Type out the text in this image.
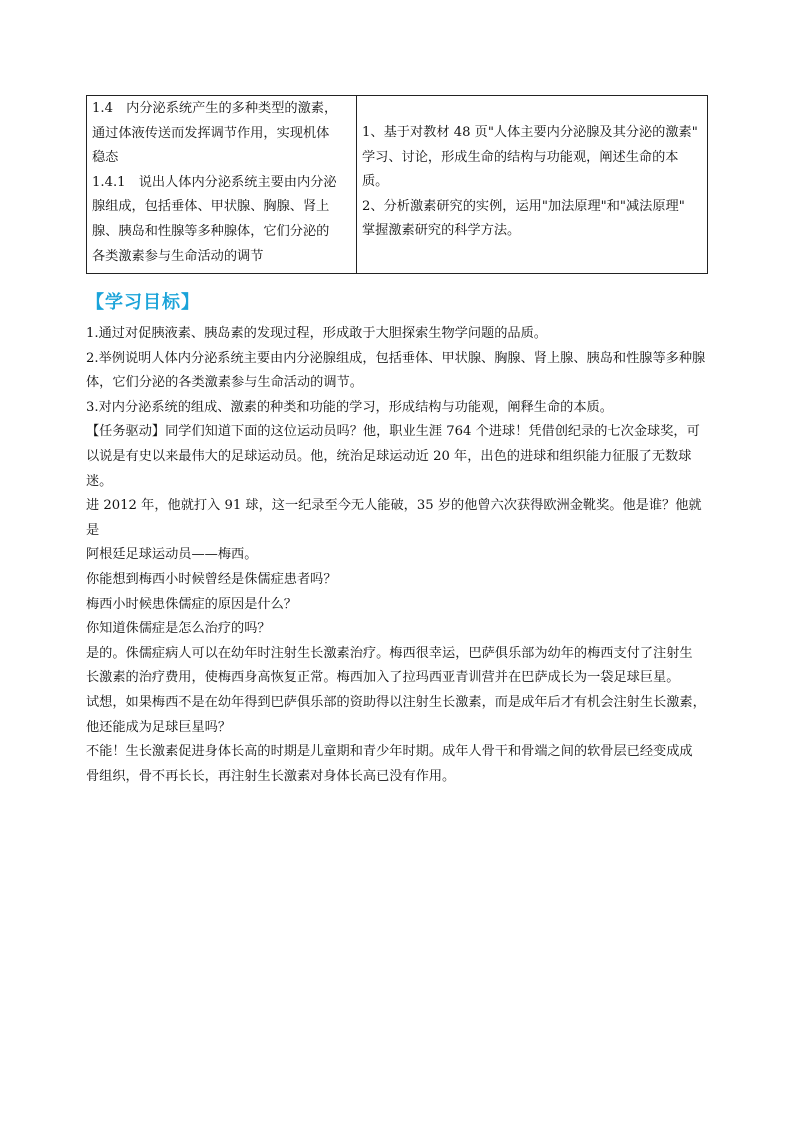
1.4　内分泌系统产生的多种类型的激素，
通过体液传送而发挥调节作用，实现机体
稳态
1.4.1　说出人体内分泌系统主要由内分泌
腺组成，包括垂体、甲状腺、胸腺、肾上
腺、胰岛和性腺等多种腺体，它们分泌的
各类激素参与生命活动的调节

1、基于对教材 48 页"人体主要内分泌腺及其分泌的激素"
学习、讨论，形成生命的结构与功能观，阐述生命的本
质。
2、分析激素研究的实例，运用"加法原理"和"减法原理"
掌握激素研究的科学方法。
【学习目标】
1.通过对促胰液素、胰岛素的发现过程，形成敢于大胆探索生物学问题的品质。
2.举例说明人体内分泌系统主要由内分泌腺组成，包括垂体、甲状腺、胸腺、肾上腺、胰岛和性腺等多种腺
体，它们分泌的各类激素参与生命活动的调节。
3.对内分泌系统的组成、激素的种类和功能的学习，形成结构与功能观，阐释生命的本质。
【任务驱动】同学们知道下面的这位运动员吗？他，职业生涯 764 个进球！凭借创纪录的七次金球奖，可
以说是有史以来最伟大的足球运动员。他，统治足球运动近 20 年，出色的进球和组织能力征服了无数球迷。
进 2012 年，他就打入 91 球，这一纪录至今无人能破，35 岁的他曾六次获得欧洲金靴奖。他是谁？他就是
阿根廷足球运动员——梅西。
你能想到梅西小时候曾经是侏儒症患者吗？
梅西小时候患侏儒症的原因是什么？
你知道侏儒症是怎么治疗的吗？
是的。侏儒症病人可以在幼年时注射生长激素治疗。梅西很幸运，巴萨俱乐部为幼年的梅西支付了注射生
长激素的治疗费用，使梅西身高恢复正常。梅西加入了拉玛西亚青训营并在巴萨成长为一袋足球巨星。
试想，如果梅西不是在幼年得到巴萨俱乐部的资助得以注射生长激素，而是成年后才有机会注射生长激素，
他还能成为足球巨星吗？
不能！生长激素促进身体长高的时期是儿童期和青少年时期。成年人骨干和骨端之间的软骨层已经变成成
骨组织，骨不再长长，再注射生长激素对身体长高已没有作用。
